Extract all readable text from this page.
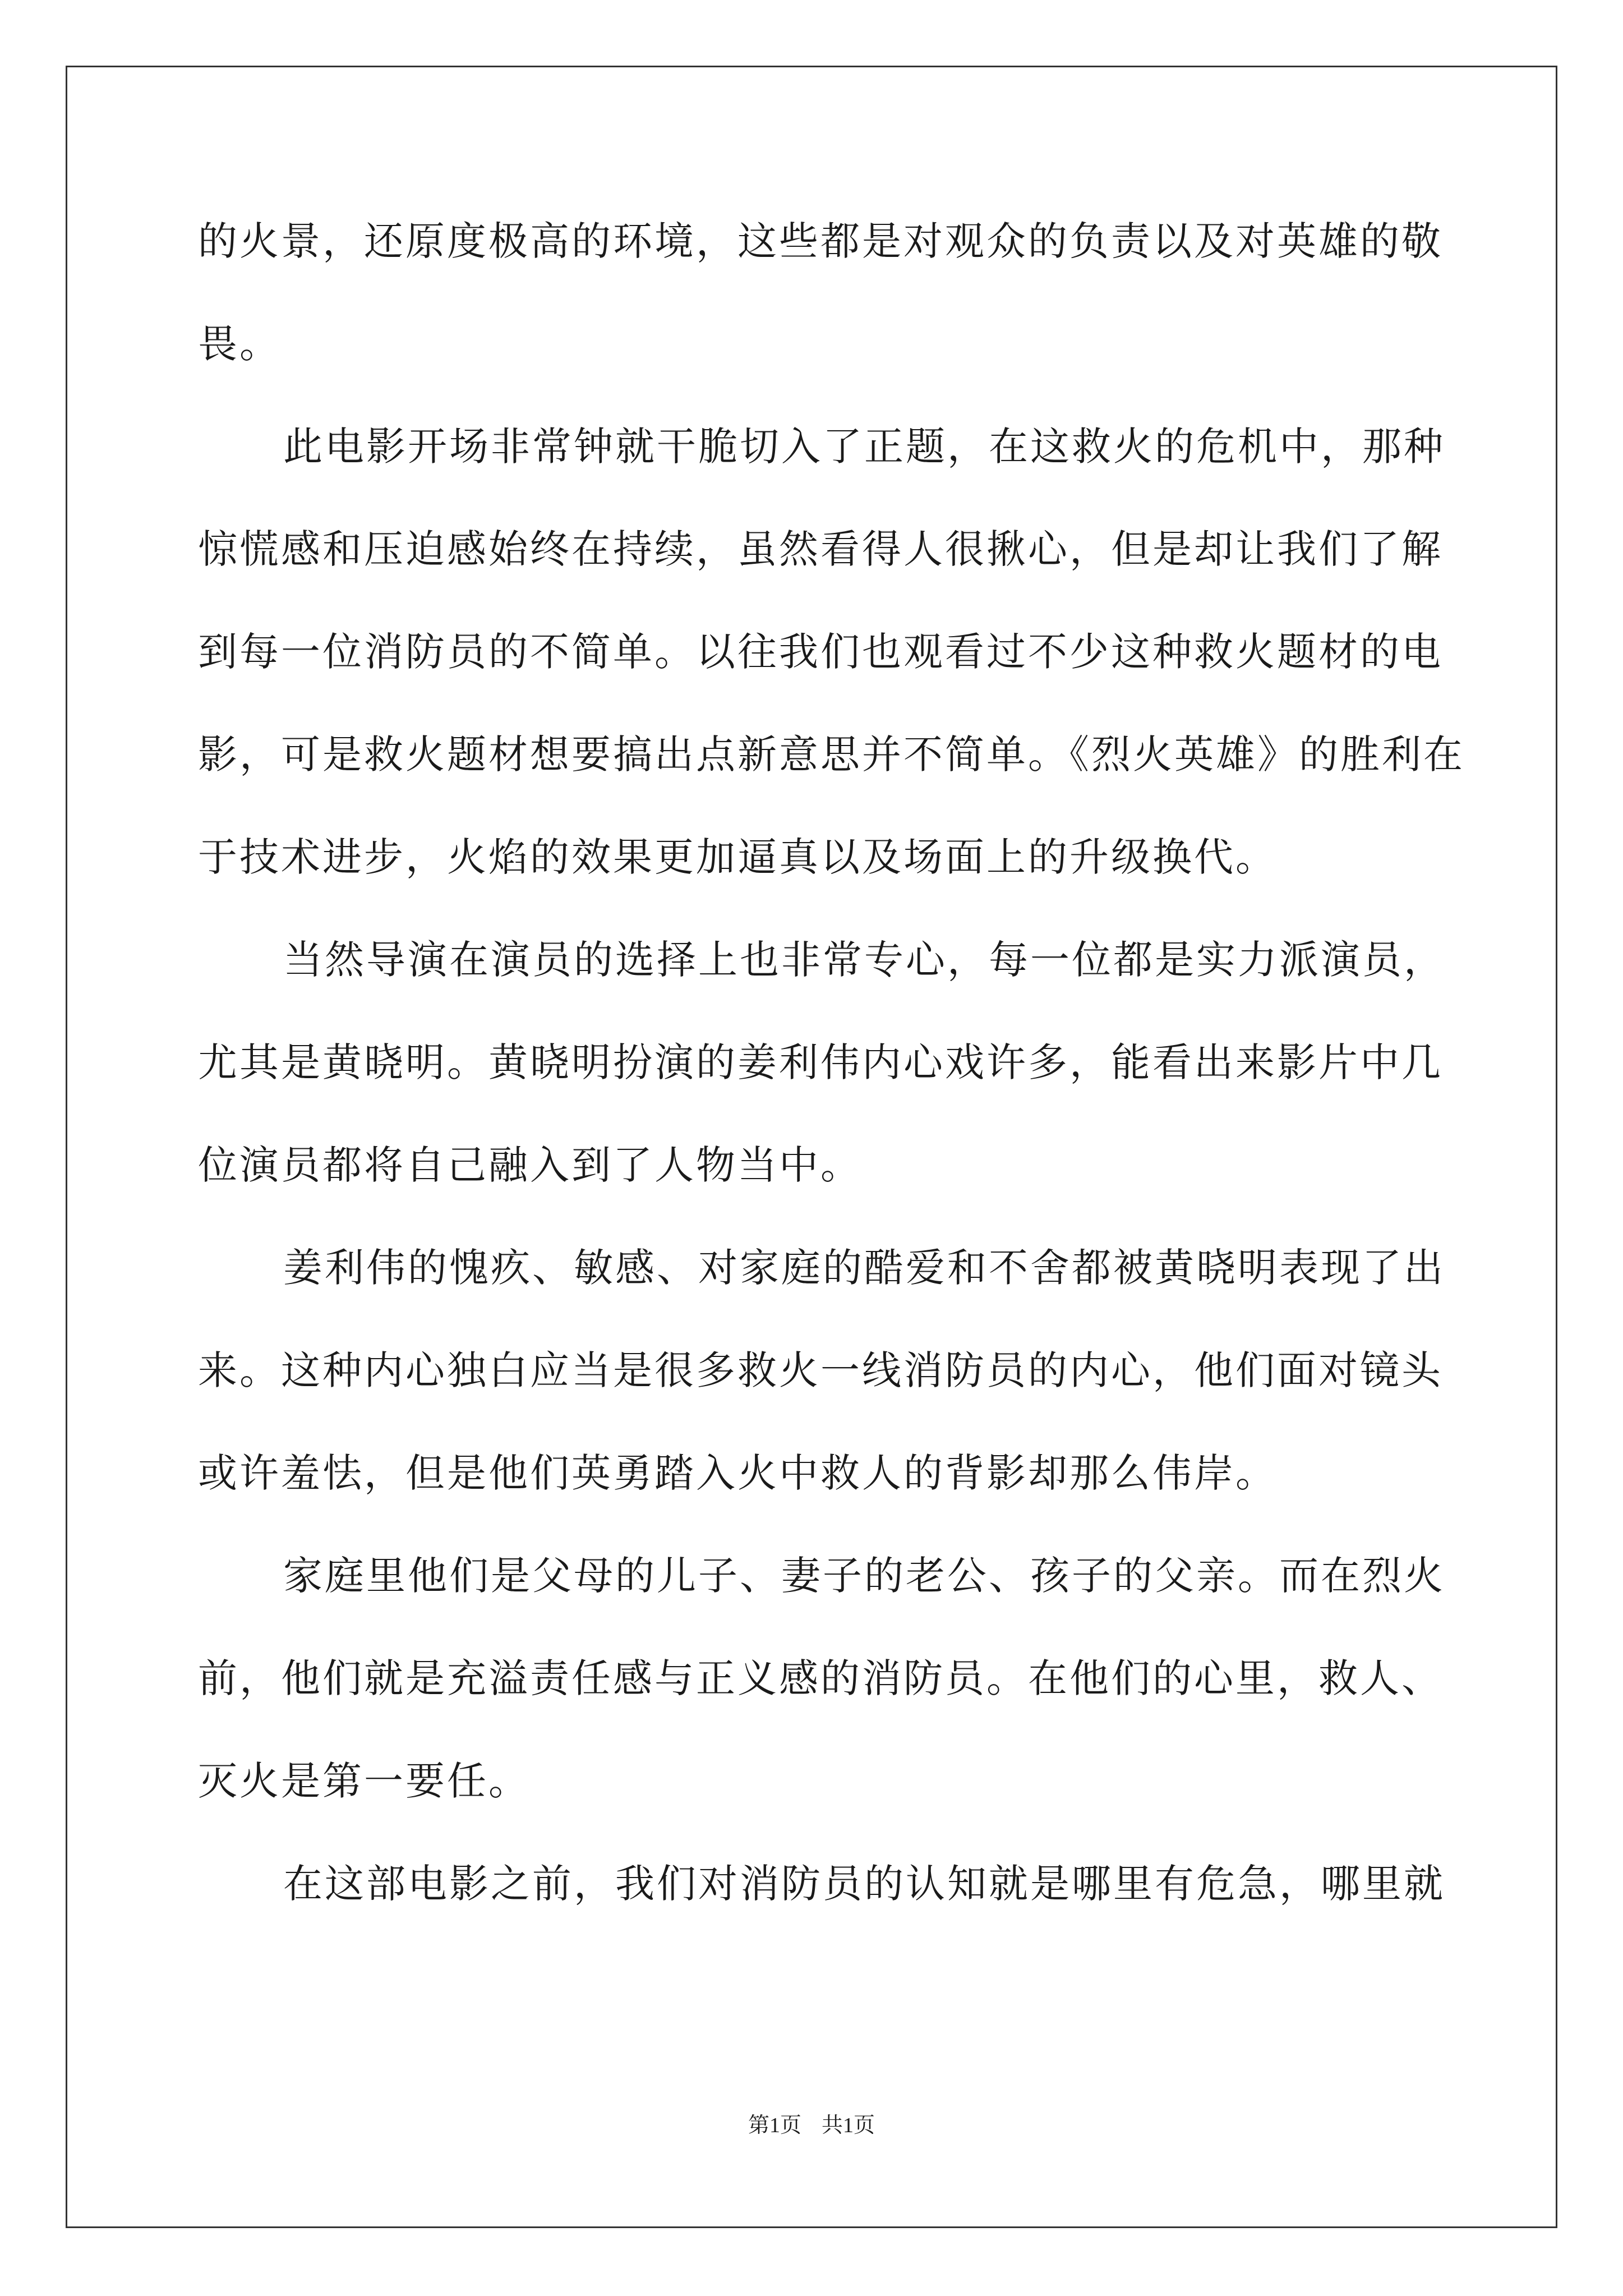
的火景，还原度极高的环境，这些都是对观众的负责以及对英雄的敬
畏。
此电影开场非常钟就干脆切入了正题，在这救火的危机中，那种
惊慌感和压迫感始终在持续，虽然看得人很揪心，但是却让我们了解
到每一位消防员的不简单。以往我们也观看过不少这种救火题材的电
影，可是救火题材想要搞出点新意思并不简单。《烈火英雄》的胜利在
于技术进步，火焰的效果更加逼真以及场面上的升级换代。
当然导演在演员的选择上也非常专心，每一位都是实力派演员，
尤其是黄晓明。黄晓明扮演的姜利伟内心戏许多，能看出来影片中几
位演员都将自己融入到了人物当中。
姜利伟的愧疚、敏感、对家庭的酷爱和不舍都被黄晓明表现了出
来。这种内心独白应当是很多救火一线消防员的内心，他们面对镜头
或许羞怯，但是他们英勇踏入火中救人的背影却那么伟岸。
家庭里他们是父母的儿子、妻子的老公、孩子的父亲。而在烈火
前，他们就是充溢责任感与正义感的消防员。在他们的心里，救人、
灭火是第一要任。
在这部电影之前，我们对消防员的认知就是哪里有危急，哪里就
第1页 共1页
